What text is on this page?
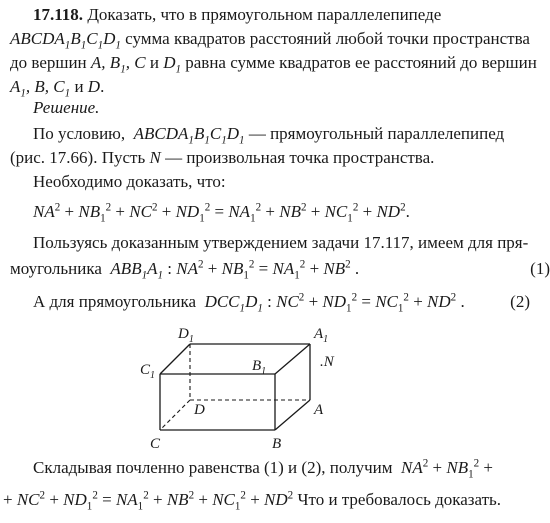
17.118. Доказать, что в прямоугольном параллелепипеде
$ABCDA_1B_1C_1D_1$ сумма квадратов расстояний любой точки пространства
до вершин A, $B_1$, C и $D_1$ равна сумме квадратов ее расстояний до вершин
$A_1$, B, $C_1$ и D.
Решение.
По условию,  $ABCDA_1B_1C_1D_1$ — прямоугольный параллелепипед
(рис. 17.66). Пусть N — произвольная точка пространства.
Необходимо доказать, что:
$NA^2 + NB_1^2 + NC^2 + ND_1^2 = NA_1^2 + NB^2 + NC_1^2 + ND^2$.
Пользуясь доказанным утверждением задачи 17.117, имеем для пря-
моугольника  $ABB_1A_1$ : $NA^2 + NB_1^2 = NA_1^2 + NB^2$ .	(1)
А для прямоугольника  $DCC_1D_1$ : $NC^2 + ND_1^2 = NC_1^2 + ND^2$ .	(2)
$D_1$	$A_1$
$C_1$
$B_1$
.N
D	A
C	B
Складывая почленно равенства (1) и (2), получим $NA^2 + NB_1^2$ +
+ $NC^2 + ND_1^2 = NA_1^2 + NB^2 + NC_1^2 + ND^2$ Что и требовалось доказать.
